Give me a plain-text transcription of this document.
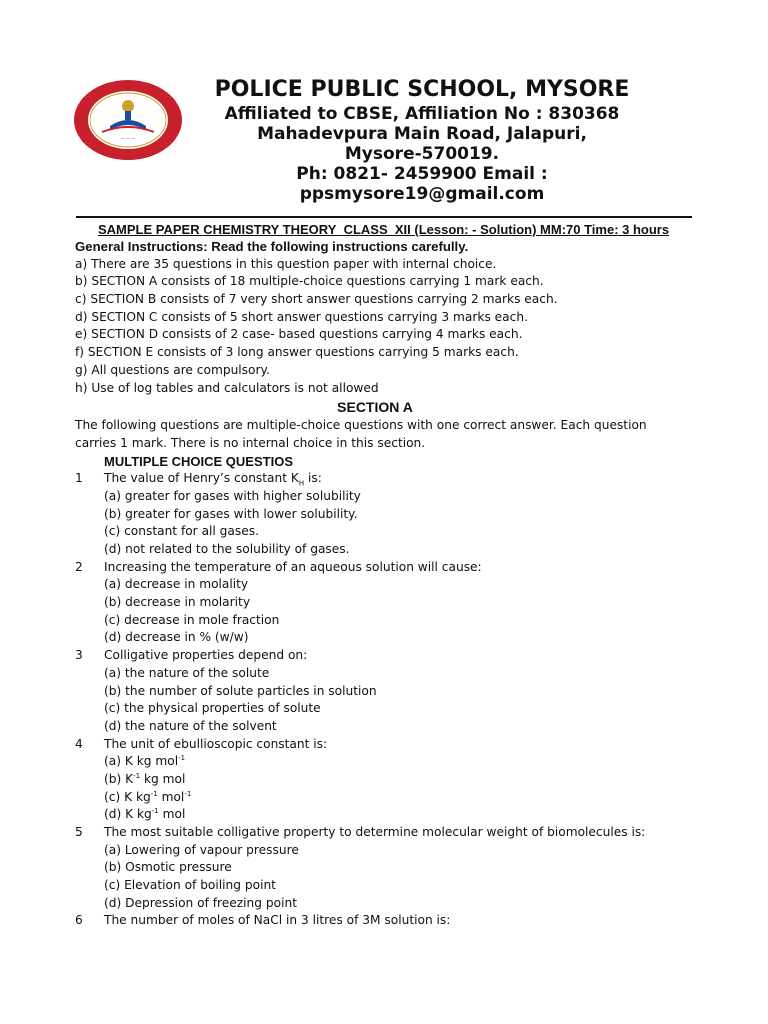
— — —
POLICE PUBLIC SCHOOL, MYSORE
Affiliated to CBSE, Affiliation No : 830368
Mahadevpura Main Road, Jalapuri,
Mysore-570019.
Ph: 0821- 2459900 Email :
ppsmysore19@gmail.com
SAMPLE PAPER CHEMISTRY THEORY_CLASS_XII (Lesson: - Solution) MM:70 Time: 3 hours
General Instructions: Read the following instructions carefully.
a) There are 35 questions in this question paper with internal choice.
b) SECTION A consists of 18 multiple-choice questions carrying 1 mark each.
c) SECTION B consists of 7 very short answer questions carrying 2 marks each.
d) SECTION C consists of 5 short answer questions carrying 3 marks each.
e) SECTION D consists of 2 case- based questions carrying 4 marks each.
f) SECTION E consists of 3 long answer questions carrying 5 marks each.
g) All questions are compulsory.
h) Use of log tables and calculators is not allowed
SECTION A
The following questions are multiple-choice questions with one correct answer. Each question
carries 1 mark. There is no internal choice in this section.
MULTIPLE CHOICE QUESTIOS
1	The value of Henry’s constant $K_H$ is:
(a) greater for gases with higher solubility
(b) greater for gases with lower solubility.
(c) constant for all gases.
(d) not related to the solubility of gases.
2	Increasing the temperature of an aqueous solution will cause:
(a) decrease in molality
(b) decrease in molarity
(c) decrease in mole fraction
(d) decrease in % (w/w)
3	Colligative properties depend on:
(a) the nature of the solute
(b) the number of solute particles in solution
(c) the physical properties of solute
(d) the nature of the solvent
4	The unit of ebullioscopic constant is:
(a) K kg mol$^{-1}$
(b) $K^{-1}$ kg mol
(c) K $kg^{-1}$ mol$^{-1}$
(d) K $kg^{-1}$ mol
5	The most suitable colligative property to determine molecular weight of biomolecules is:
(a) Lowering of vapour pressure
(b) Osmotic pressure
(c) Elevation of boiling point
(d) Depression of freezing point
6	The number of moles of NaCl in 3 litres of 3M solution is:
